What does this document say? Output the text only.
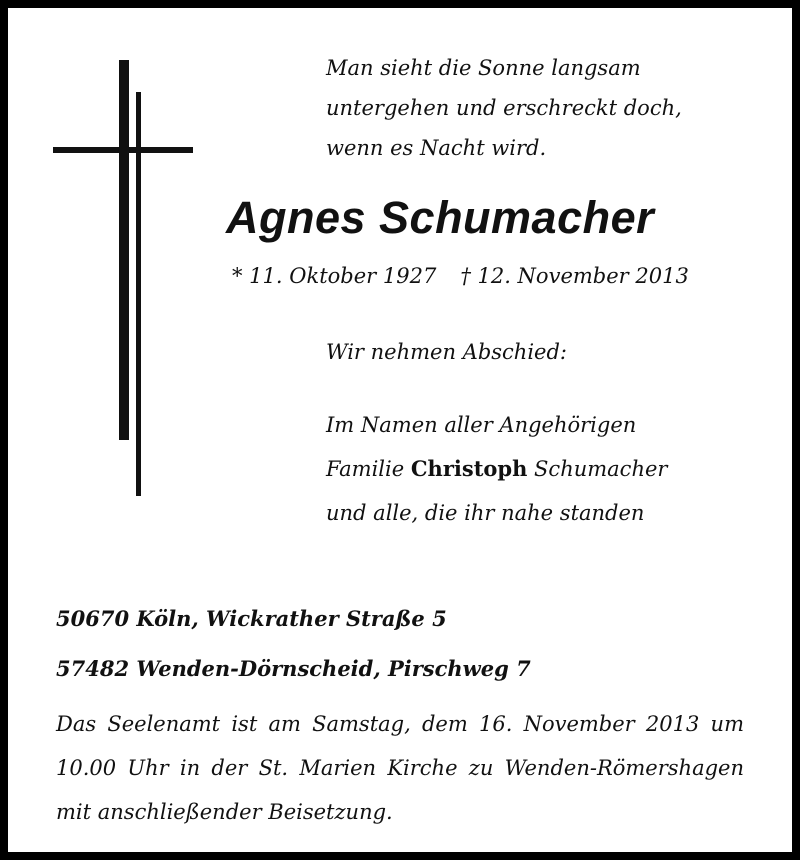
Man sieht die Sonne langsam
untergehen und erschreckt doch,
wenn es Nacht wird.
Agnes Schumacher
* 11. Oktober 1927 † 12. November 2013
Wir nehmen Abschied:
Im Namen aller Angehörigen
Familie Christoph Schumacher
und alle, die ihr nahe standen
50670 Köln, Wickrather Straße 5
57482 Wenden-Dörnscheid, Pirschweg 7
Das Seelenamt ist am Samstag, dem 16. November 2013 um 10.00 Uhr in der St. Marien Kirche zu Wenden-Römershagen mit anschließender Beisetzung.
